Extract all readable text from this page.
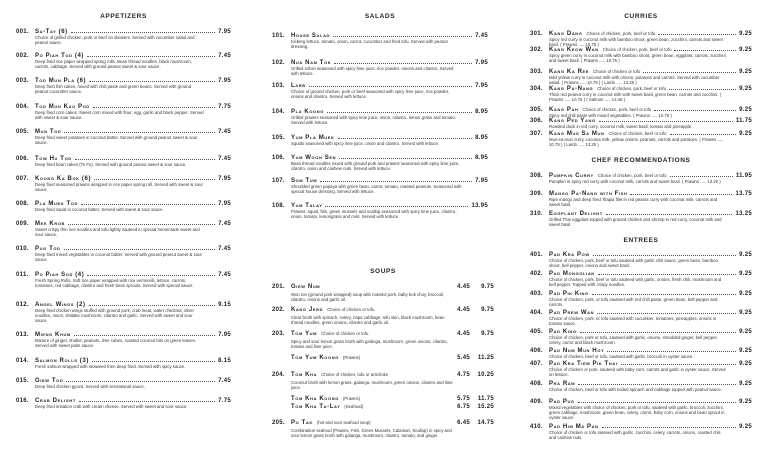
APPETIZERS
001.	Sa-Tay (6)	7.95
Choice of grilled chicken, pork or beef on skewers. Served with cucumber salad and peanut sauce.
002.	Po Piah Tod (4)	7.45
Deep fried rice paper wrapped spring rolls. Bean thread noodles, black mushroom, carrots, cabbage. Served with ground peanut sweet & sour sauce.
003.	Tod Mun Pla (6)	7.95
Deep fried fish cakes, mixed with chili paste and green beans. Served with ground peanut cucumber sauce.
004.	Tod Mun Kao Pod	7.75
Deep fried corn cakes. Sweet corn mixed with flour, egg, garlic and black pepper. Served with sweet & sour sauce.
005.	Mun Tod	7.45
Deep fried sweet potatoes in coconut batter. Served with ground peanut sweet & sour sauce.
006.	Tow Hu Tod	7.45
Deep fried bean cakes (To Fu). Served with ground peanut sweet & sour sauce.
007.	Koong Ka Bok (6)	7.95
Deep fried seasoned prawns wrapped in rice paper spring roll. Served with sweet & sour sauce.
008.	Pla Muek Tod	7.95
Deep fried squid in coconut batter. Served with sweet & sour sauce.
009.	Mee Krob	7.45
Sweet crispy thin rice noodles and tofu lightly sauteed in special homemade sweet and sour sauce.
010.	Pug Tod	7.45
Deep fried mixed vegetables in coconut batter. Served with ground peanut sweet & sour sauce.
011.	Po Piah Sod (4)	7.45
Fresh Spring Rolls. Soft rice paper wrapped with rice vermicelli, lettuce, carrots, tomatoes, red cabbage, cilantro and fresh bean sprouts. Served with special sauce.
012.	Angel Wings (2)	9.15
Deep fried chicken wings stuffed with ground pork, crab meat, water chestnut, silver noodles, onion, shiitake mushroom, cilantro and garlic. Served with sweet and sour sauce.
013.	Mieng Khum	7.95
Mixture of ginger, shallot, peanuts, lime cubes, roasted coconut bits on green leaves. Served with sweet palm sauce.
014.	Salmon Rolls (3)	8.15
Fresh salmon wrapped with seaweed then deep fried. Served with spicy sauce.
015.	Giew Tod	7.45
Deep fried chicken gyoza. Served with sensational sauce.
016.	Crab Delight	7.75
Deep fried imitation crab with cream cheese. Served with sweet and sour sauce.
SALADS
101.	House Salad	7.45
Iceberg lettuce, tomato, onion, carrot, cucumber and fried tofu. Served with peanut dressing.
102.	Nua Nam Tok	7.95
Grilled sirloin seasoned with spicy lime juice, rice powder, onions and cilantro. Served with lettuce.
103.	Larb	7.95
Choice of ground chicken, pork or beef seasoned with spicy lime juice, rice powder, onions and cilantro. Served with lettuce.
104.	Pla Koong	8.95
Grilled prawns seasoned with spicy lime juice, onion, cilantro, lemon grass and tomato. Served with lettuce.
105.	Yum Pla Muek	8.95
Squids seasoned with spicy lime juice, onion and cilantro. Served with lettuce.
106.	Yum Woon Sen	8.95
Bean thread noodles mixed with ground pork and prawns seasoned with spicy lime juice, cilantro, onion and cashew nuts. Served with lettuce.
107.	Som Tum	7.95
Shredded green papaya with green bean, carrot, tomato, roasted peanuts. Seasoned with special house dressing. Served with lettuce.
108.	Yum Talay	13.95
Prawns, squid, fish, green mussels and scallop seasoned with spicy lime juice, cilantro, onion, tomato, lemongrass and mint. Served with lettuce.
SOUPS
201.	Giew Num	4.45	9.75
Won ton (ground pork wrapped) soup with roasted pork, baby bok choy, broccoli, cilantro, onions and garlic oil.
202.	Kang Jerd Choice of chicken or tofu	4.45	9.75
Clear broth with spinach, celery, napa cabbage, tofu skin, black mushroom, bean thread noodles, green onions, cilantro and garlic oil.
203.	Tom Yum Choice of chicken or tofu	4.45	9.75
Spicy and sour lemon grass broth with galanga, mushroom, green onions, cilantro, tomato and lime juice.
Tom Yum Koong (Prawns)	5.45	11.25
204.	Tom Kha Choice of chicken, tofu or artichoke	4.75	10.25
Coconut broth with lemon grass, galanga, mushroom, green onions, cilantro and lime juice.
Tom Kha Koong (Prawns)	5.75	11.75
Tom Kha Ta-Lay (Seafood)	6.75	15.25
205.	Po Tak (hot and sour seafood soup)	6.45	14.75
Combination seafood (Prawns, Fish, Green Mussels, Calamari, Scallop) in spicy and sour lemon grass broth with galanga, mushroom, cilantro, tomato, and ginger.
CURRIES
301.	Kang Dang Choice of chicken, pork, beef or tofu	9.25
Spicy red curry in coconut milk with bamboo shoot, green bean, zucchini, carrots and sweet basil. ( Prawns ..... 10.75 )
302.	Kang Keow Wan Choice of chicken, pork, beef or tofu	9.25
Spicy green curry in coconut milk with bamboo shoot, green bean, eggplant, carrots, zucchini and sweet basil. ( Prawns ..... 10.75 )
303.	Kang Ka Ree Choice of chicken or tofu	9.25
Mild yellow curry in coconut milk with onions, potatoes and carrots. Served with cucumber salad. ( Prawns ..... 10.75 ) ( Lamb ..... 13.25 )
304.	Kang Pa-Nang Choice of chicken, pork, beef or tofu	9.25
Thick red peanut curry in coconut milk with sweet basil, green bean, carrots and zucchini. ( Prawns ..... 10.75 ) ( Salmon ..... 14.45 )
305.	Kang Pah Choice of chicken, pork, beef or tofu	9.25
Spicy red chili paste with mixed vegetables. ( Prawns ..... 10.75 )
306.	Kang Ped Yang	11.75
Roasted duck in red curry, coconut milk, sweet basil, tomato and pineapple.
307.	Kang Mus Sa Mun Choice of chicken, beef or tofu	9.25
Mus-sa-mun curry, coconut milk, yellow onions, peanuts, carrots and potatoes. ( Prawns ..... 10.75 ) ( Lamb ..... 13.25 )
CHEF RECOMMENDATIONS
308.	Pumpkin Curry Choice of chicken, pork, beef or tofu	11.95
Pumpkin in spicy red curry with coconut milk, carrots and sweet basil. ( Prawns ..... 13.25 )
309.	Mango Pa-Nang with Fish	13.75
Ripe mango and deep fried Tilapia filet in red peanut curry with coconut milk, carrots and sweet basil.
310.	Eggplant Delight	13.25
Grilled Thai eggplant topped with ground chicken and shrimp in red curry, coconut milk and sweet basil.
ENTREES
401.	Pad Kra Pow	9.25
Choice of chicken, pork, beef or tofu sauteed with garlic chili sauce, green bean, bamboo shoot, bell pepper, onions and sweet basil.
402.	Pad Mongolian	9.25
Choice of chicken, pork, beef or tofu sauteed with garlic, onions, fresh chili, mushroom and bell pepper. Topped with crispy noodles.
403.	Pad Pik King	9.25
Choice of chicken, pork, or tofu sauteed with red chili paste, green bean, bell pepper and carrots.
404.	Pad Prew Wan	9.25
Choice of chicken, pork, or tofu sauteed with cucumber, tomatoes, pineapples, onions in tomato sauce.
405.	Pad King	9.25
Choice of chicken, pork or tofu, sauteed with garlic, onions, shredded ginger, bell pepper, celery, carrot and black mushroom.
406.	Pad Num Mun Hoy	9.25
Choice of chicken, beef or tofu, sauteed with garlic, broccoli in oyster sauce.
407.	Pad Kra Tiem Pik Thai	9.25
Choice of chicken or pork, sauteed with baby corn, carrots and garlic in oyster sauce. Served on lettuce.
408.	Pra Ram	9.25
Choice of chicken, beef or tofu with boiled spinach and cabbage topped with peanut sauce.
409.	Pad Pug	9.25
Mixed vegetables with choice of chicken, pork or tofu, sauteed with garlic, broccoli, zucchini, green cabbage, mushroom, green bean, celery, carrot, baby corn, onions and bean sprout in oyster sauce.
410.	Pad Him Ma Pan	9.25
Choice of chicken or tofu sauteed with garlic, zucchini, celery, carrots, onions, roasted chili and cashew nuts.
